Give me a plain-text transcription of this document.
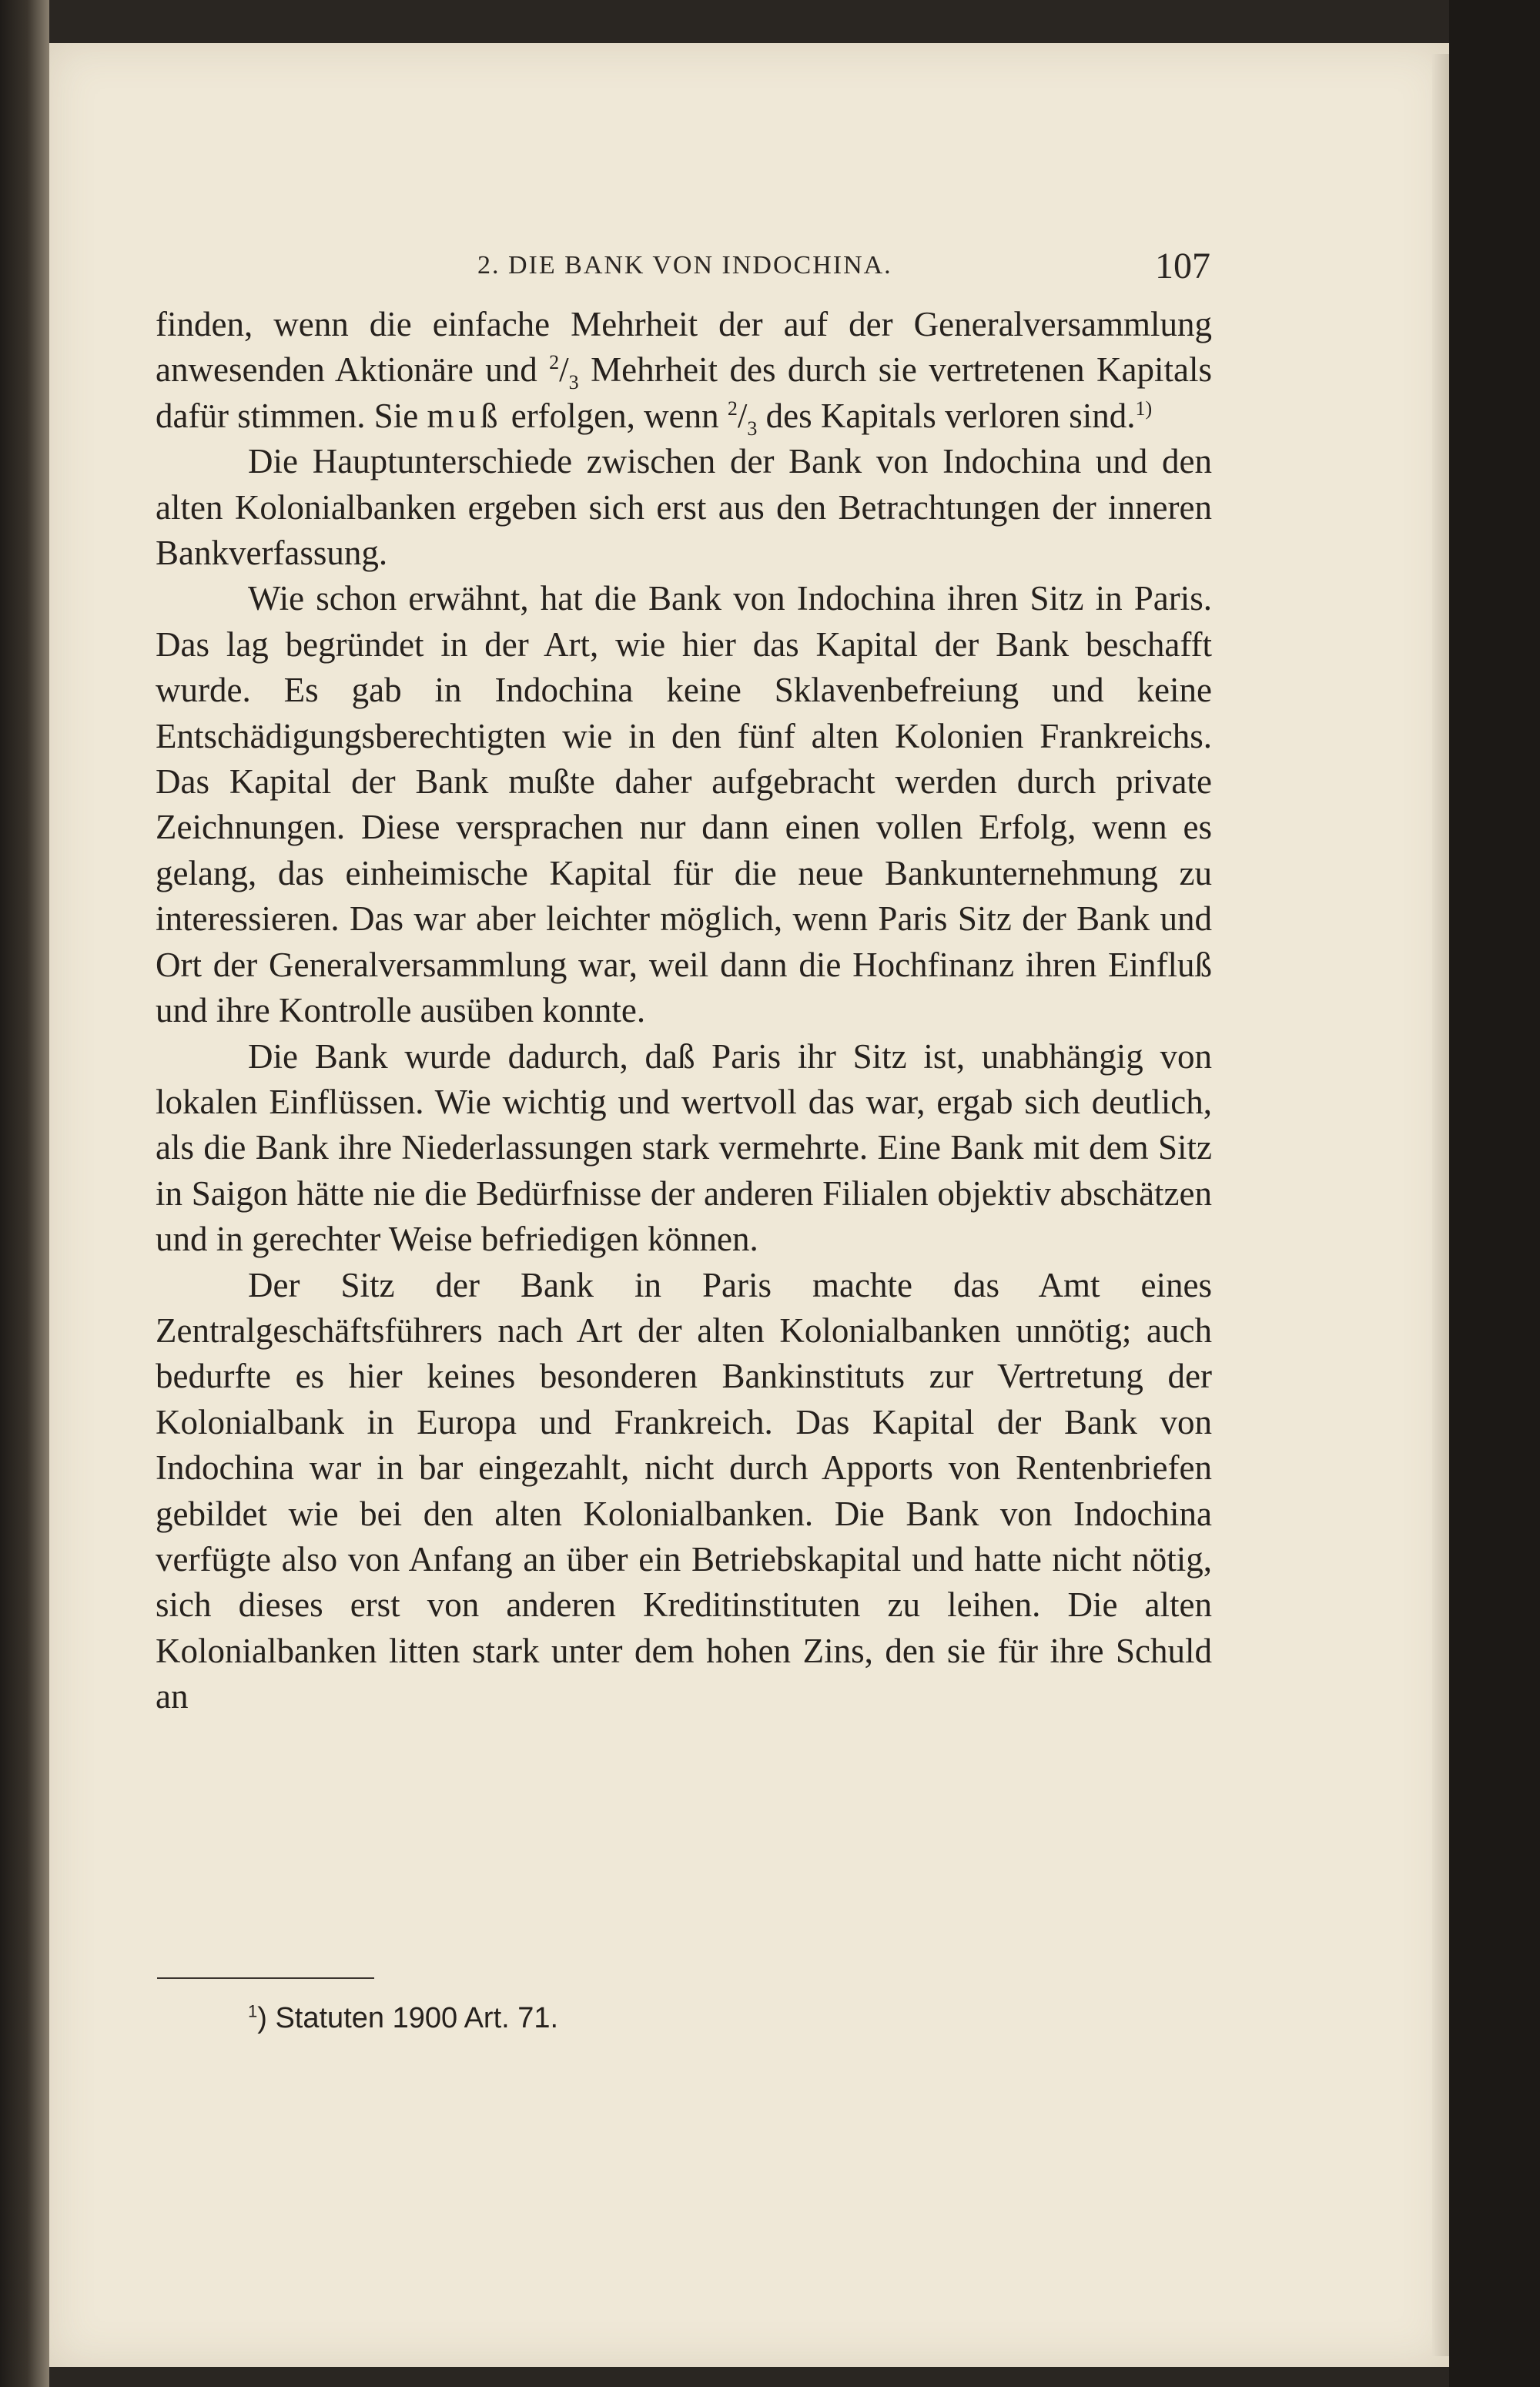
2. DIE BANK VON INDOCHINA.	107

finden, wenn die einfache Mehrheit der auf der Generalversammlung anwesenden Aktionäre und $^2/_3$ Mehrheit des durch sie vertretenen Kapitals dafür stimmen. Sie muß erfolgen, wenn $^2/_3$ des Kapitals verloren sind.$^{1)}$

Die Hauptunterschiede zwischen der Bank von Indochina und den alten Kolonialbanken ergeben sich erst aus den Betrachtungen der inneren Bankverfassung.

Wie schon erwähnt, hat die Bank von Indochina ihren Sitz in Paris. Das lag begründet in der Art, wie hier das Kapital der Bank beschafft wurde. Es gab in Indochina keine Sklavenbefreiung und keine Entschädigungsberechtigten wie in den fünf alten Kolonien Frankreichs. Das Kapital der Bank mußte daher aufgebracht werden durch private Zeichnungen. Diese versprachen nur dann einen vollen Erfolg, wenn es gelang, das einheimische Kapital für die neue Bankunternehmung zu interessieren. Das war aber leichter möglich, wenn Paris Sitz der Bank und Ort der Generalversammlung war, weil dann die Hochfinanz ihren Einfluß und ihre Kontrolle ausüben konnte.

Die Bank wurde dadurch, daß Paris ihr Sitz ist, unabhängig von lokalen Einflüssen. Wie wichtig und wertvoll das war, ergab sich deutlich, als die Bank ihre Niederlassungen stark vermehrte. Eine Bank mit dem Sitz in Saigon hätte nie die Bedürfnisse der anderen Filialen objektiv abschätzen und in gerechter Weise befriedigen können.

Der Sitz der Bank in Paris machte das Amt eines Zentralgeschäftsführers nach Art der alten Kolonialbanken unnötig; auch bedurfte es hier keines besonderen Bankinstituts zur Vertretung der Kolonialbank in Europa und Frankreich. Das Kapital der Bank von Indochina war in bar eingezahlt, nicht durch Apports von Rentenbriefen gebildet wie bei den alten Kolonialbanken. Die Bank von Indochina verfügte also von Anfang an über ein Betriebskapital und hatte nicht nötig, sich dieses erst von anderen Kreditinstituten zu leihen. Die alten Kolonialbanken litten stark unter dem hohen Zins, den sie für ihre Schuld an

$^1$) Statuten 1900 Art. 71.
